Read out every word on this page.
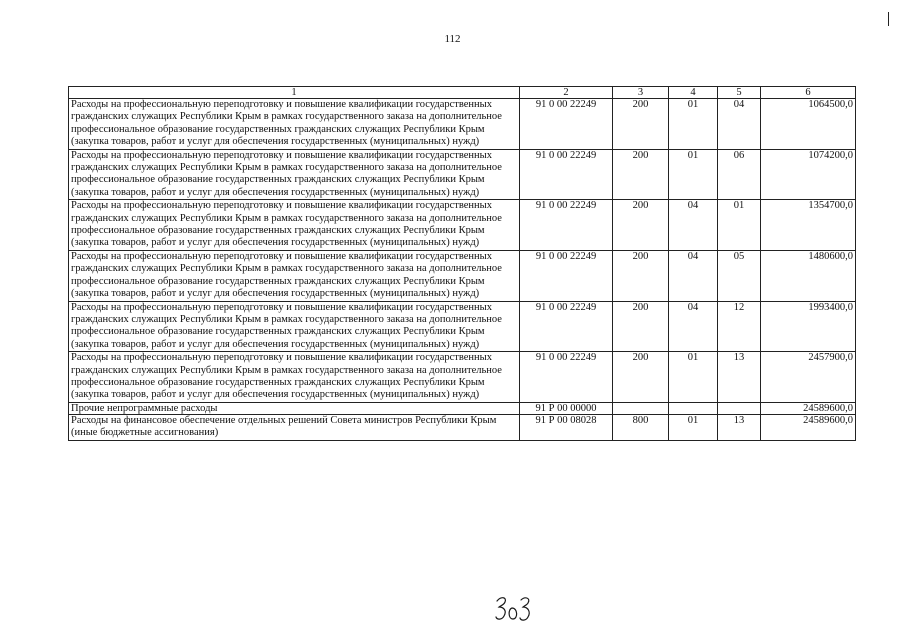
112
1	2	3	4	5	6
Расходы на профессиональную переподготовку и повышение квалификации государственных гражданских служащих Республики Крым в рамках государственного заказа на дополнительное профессиональное образование государственных гражданских служащих Республики Крым (закупка товаров, работ и услуг для обеспечения государственных (муниципальных) нужд)	91 0 00 22249	200	01	04	1064500,0
Расходы на профессиональную переподготовку и повышение квалификации государственных гражданских служащих Республики Крым в рамках государственного заказа на дополнительное профессиональное образование государственных гражданских служащих Республики Крым (закупка товаров, работ и услуг для обеспечения государственных (муниципальных) нужд)	91 0 00 22249	200	01	06	1074200,0
Расходы на профессиональную переподготовку и повышение квалификации государственных гражданских служащих Республики Крым в рамках государственного заказа на дополнительное профессиональное образование государственных гражданских служащих Республики Крым (закупка товаров, работ и услуг для обеспечения государственных (муниципальных) нужд)	91 0 00 22249	200	04	01	1354700,0
Расходы на профессиональную переподготовку и повышение квалификации государственных гражданских служащих Республики Крым в рамках государственного заказа на дополнительное профессиональное образование государственных гражданских служащих Республики Крым (закупка товаров, работ и услуг для обеспечения государственных (муниципальных) нужд)	91 0 00 22249	200	04	05	1480600,0
Расходы на профессиональную переподготовку и повышение квалификации государственных гражданских служащих Республики Крым в рамках государственного заказа на дополнительное профессиональное образование государственных гражданских служащих Республики Крым (закупка товаров, работ и услуг для обеспечения государственных (муниципальных) нужд)	91 0 00 22249	200	04	12	1993400,0
Расходы на профессиональную переподготовку и повышение квалификации государственных гражданских служащих Республики Крым в рамках государственного заказа на дополнительное профессиональное образование государственных гражданских служащих Республики Крым (закупка товаров, работ и услуг для обеспечения государственных (муниципальных) нужд)	91 0 00 22249	200	01	13	2457900,0
Прочие непрограммные расходы	91 Р 00 00000				24589600,0
Расходы на финансовое обеспечение отдельных решений Совета министров Республики Крым (иные бюджетные ассигнования)	91 Р 00 08028	800	01	13	24589600,0
